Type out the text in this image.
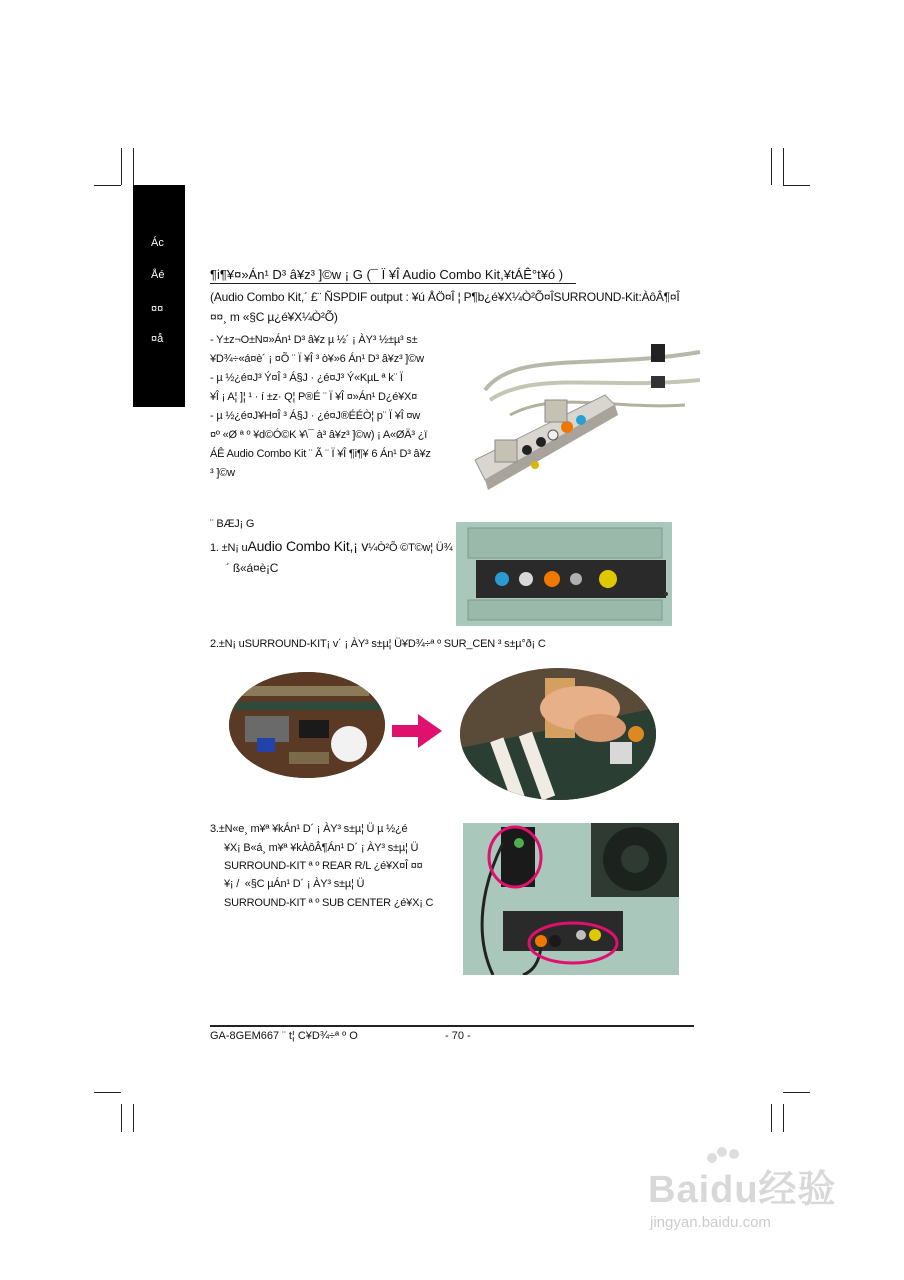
Ác
Åé
¤¤
¤å
¶i¶¥¤»Án¹ D³ â¥z³ ]©w ¡ G (¯ Ï ¥Î Audio Combo Kit,¥tÁÊ°t¥ó )
(Audio Combo Kit,´ £¨ ÑSPDIF output : ¥ú ÅÖ¤Î ¦ P¶b¿é¥X¼Ò²Õ¤ÎSURROUND-Kit:ÀôÂ¶¤Î
¤¤¸ m «§C µ¿é¥X¼Ò²Õ)
- Y±z¬O±N¤»Án¹ D³ â¥z µ ½´ ¡ ÀY³ ½±µ³ s±
¥D¾÷«á¤è´ ¡ ¤Õ ¨ Ï ¥Î ³ ò¥»6 Án¹ D³ â¥z³ ]©w
- µ ½¿é¤J³ Ý¤Î ³ Á§J · ¿é¤J³ Ý«KµL ª k¨ Ï
¥Î ¡ A¦ ]¦ ¹ · í ±z· Q¦ P®É ¨ Ï ¥Î ¤»Án¹ D¿é¥X¤
- µ ½¿é¤J¥H¤Î ³ Á§J · ¿é¤J®ÉÉÒ¦ p¨ Ï ¥Î ¤w
¤º «Ø ª º ¥d©Ó©K ¥\¯ à³ â¥z³ ]©w) ¡ A«ØÄ³ ¿ï
ÁÊ Audio Combo Kit ¨ Ã ¨ Ï ¥Î ¶i¶¥ 6 Án¹ D³ â¥z
³ ]©w
¨ BÆJ¡ G
1. ±N¡ uAudio Combo Kit,¡ v¼Ò²Õ ©T©w¦ Ü¾
´ ß«á¤è¡C
2.±N¡ uSURROUND-KIT¡ v´ ¡ ÀY³ s±µ¦ Ü¥D¾÷ª º SUR_CEN ³ s±µ°ð¡ C
3.±N«e¸ m¥ª ¥kÁn¹ D´ ¡ ÀY³ s±µ¦ Ü µ ½¿é
¥X¡ B«á¸ m¥ª ¥kÀôÂ¶Án¹ D´ ¡ ÀY³ s±µ¦ Ü
SURROUND-KIT ª º REAR R/L ¿é¥X¤Î ¤¤
¥¡ / «§C µÁn¹ D´ ¡ ÀY³ s±µ¦ Ü
SURROUND-KIT ª º SUB CENTER ¿é¥X¡ C
GA-8GEM667 ¨ t¦ C¥D¾÷ª º O	- 70 -
Baidu经验
jingyan.baidu.com
